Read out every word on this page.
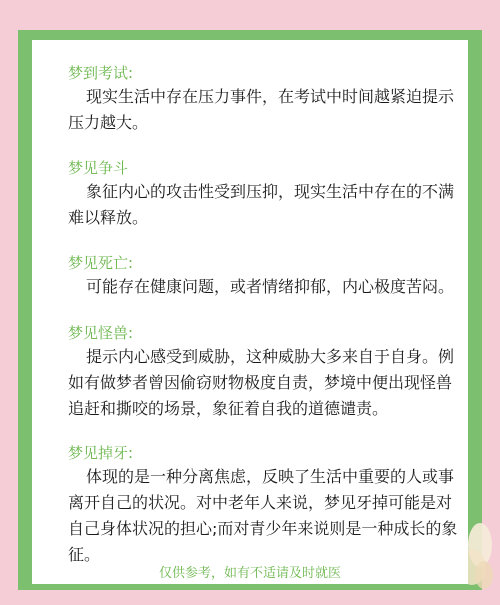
梦到考试:

现实生活中存在压力事件，在考试中时间越紧迫提示压力越大。

梦见争斗

象征内心的攻击性受到压抑，现实生活中存在的不满难以释放。

梦见死亡:

可能存在健康问题，或者情绪抑郁，内心极度苦闷。

梦见怪兽:

提示内心感受到威胁，这种威胁大多来自于自身。例如有做梦者曾因偷窃财物极度自责，梦境中便出现怪兽追赶和撕咬的场景，象征着自我的道德谴责。

梦见掉牙:

体现的是一种分离焦虑，反映了生活中重要的人或事离开自己的状况。对中老年人来说，梦见牙掉可能是对自己身体状况的担心;而对青少年来说则是一种成长的象征。

仅供参考，如有不适请及时就医
